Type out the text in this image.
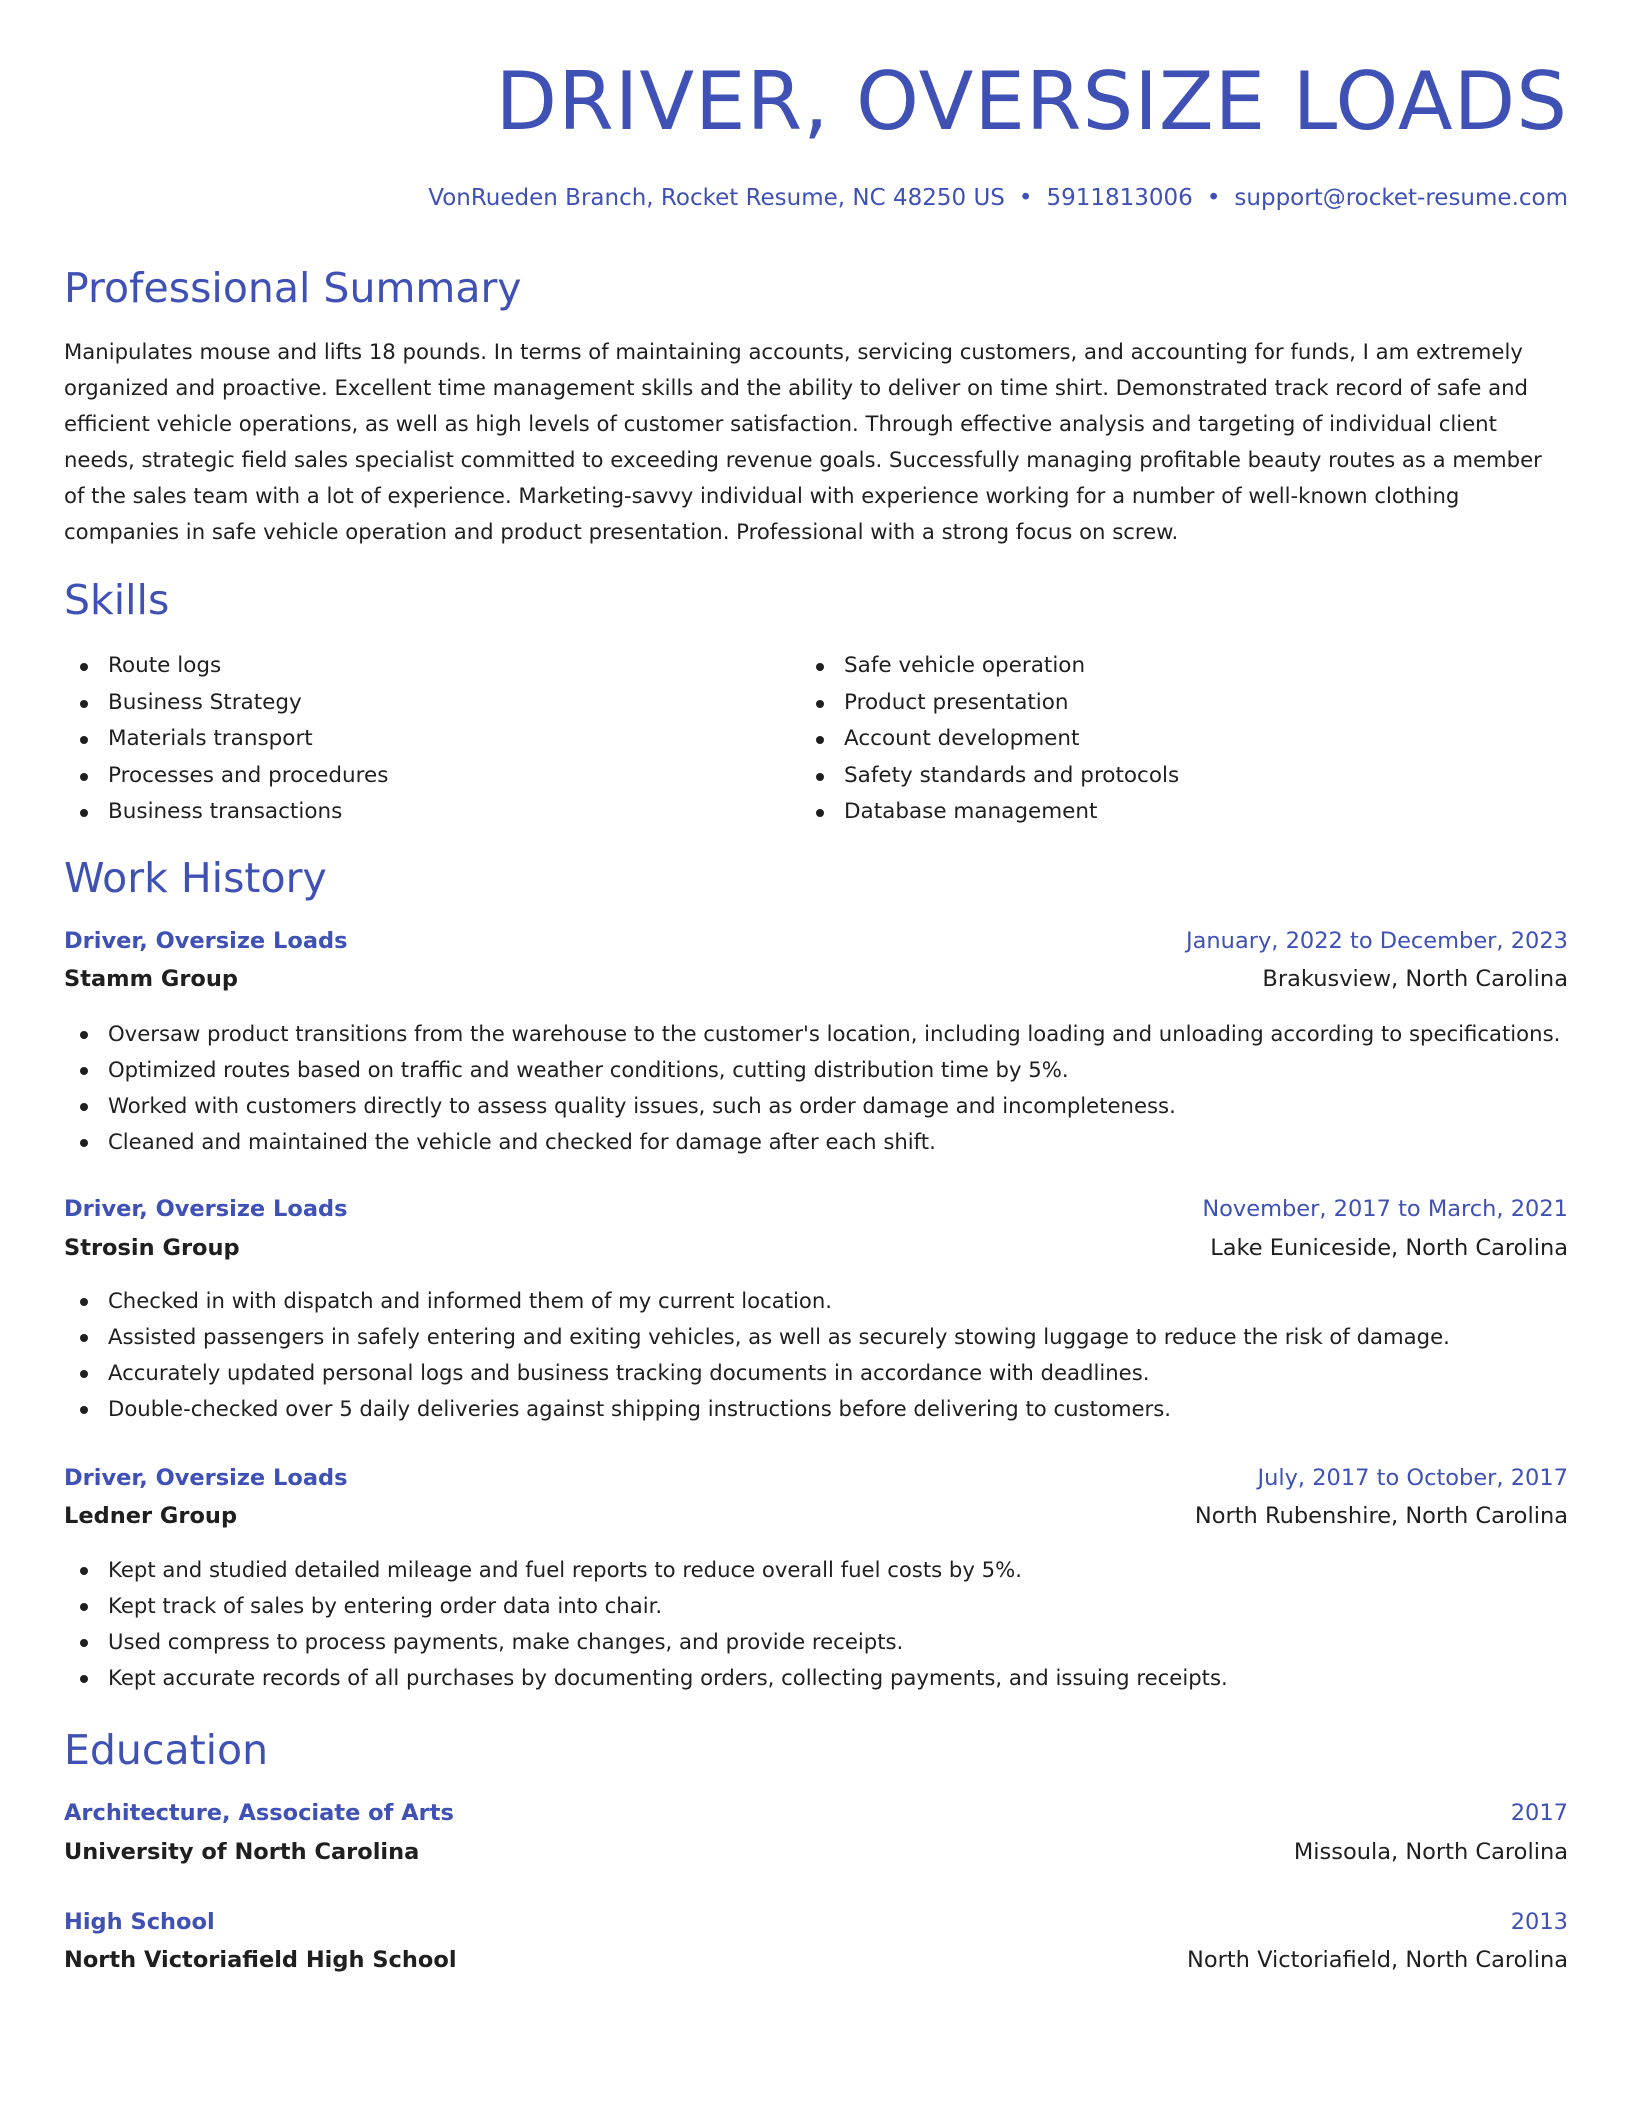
DRIVER, OVERSIZE LOADS
VonRueden Branch, Rocket Resume, NC 48250 US • 5911813006 • support@rocket-resume.com
Professional Summary

Manipulates mouse and lifts 18 pounds. In terms of maintaining accounts, servicing customers, and accounting for funds, I am extremely organized and proactive. Excellent time management skills and the ability to deliver on time shirt. Demonstrated track record of safe and efficient vehicle operations, as well as high levels of customer satisfaction. Through effective analysis and targeting of individual client needs, strategic field sales specialist committed to exceeding revenue goals. Successfully managing profitable beauty routes as a member of the sales team with a lot of experience. Marketing-savvy individual with experience working for a number of well-known clothing companies in safe vehicle operation and product presentation. Professional with a strong focus on screw.

Skills
Route logs
Business Strategy
Materials transport
Processes and procedures
Business transactions
Safe vehicle operation
Product presentation
Account development
Safety standards and protocols
Database management
Work History
Driver, Oversize Loads	January, 2022 to December, 2023
Stamm Group	Brakusview, North Carolina
Oversaw product transitions from the warehouse to the customer's location, including loading and unloading according to specifications.
Optimized routes based on traffic and weather conditions, cutting distribution time by 5%.
Worked with customers directly to assess quality issues, such as order damage and incompleteness.
Cleaned and maintained the vehicle and checked for damage after each shift.
Driver, Oversize Loads	November, 2017 to March, 2021
Strosin Group	Lake Euniceside, North Carolina
Checked in with dispatch and informed them of my current location.
Assisted passengers in safely entering and exiting vehicles, as well as securely stowing luggage to reduce the risk of damage.
Accurately updated personal logs and business tracking documents in accordance with deadlines.
Double-checked over 5 daily deliveries against shipping instructions before delivering to customers.
Driver, Oversize Loads	July, 2017 to October, 2017
Ledner Group	North Rubenshire, North Carolina
Kept and studied detailed mileage and fuel reports to reduce overall fuel costs by 5%.
Kept track of sales by entering order data into chair.
Used compress to process payments, make changes, and provide receipts.
Kept accurate records of all purchases by documenting orders, collecting payments, and issuing receipts.
Education
Architecture, Associate of Arts	2017
University of North Carolina	Missoula, North Carolina
High School	2013
North Victoriafield High School	North Victoriafield, North Carolina
